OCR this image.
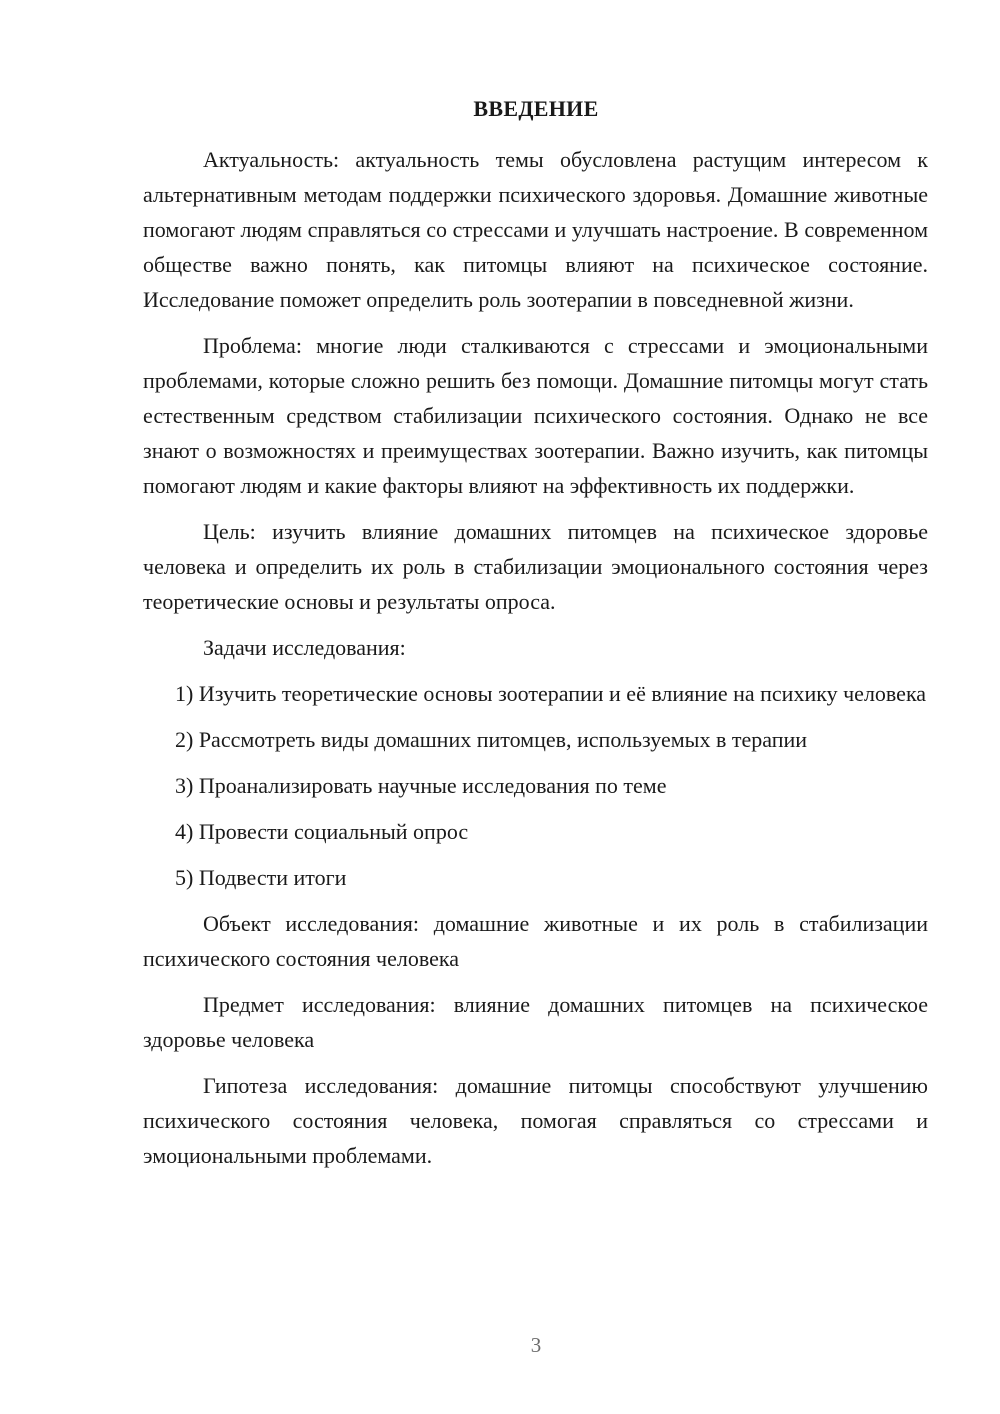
ВВЕДЕНИЕ

Актуальность: актуальность темы обусловлена растущим интересом к альтернативным методам поддержки психического здоровья. Домашние животные помогают людям справляться со стрессами и улучшать настроение. В современном обществе важно понять, как питомцы влияют на психическое состояние. Исследование поможет определить роль зоотерапии в повседневной жизни.

Проблема: многие люди сталкиваются с стрессами и эмоциональными проблемами, которые сложно решить без помощи. Домашние питомцы могут стать естественным средством стабилизации психического состояния. Однако не все знают о возможностях и преимуществах зоотерапии. Важно изучить, как питомцы помогают людям и какие факторы влияют на эффективность их поддержки.

Цель: изучить влияние домашних питомцев на психическое здоровье человека и определить их роль в стабилизации эмоционального состояния через теоретические основы и результаты опроса.

Задачи исследования:

1) Изучить теоретические основы зоотерапии и её влияние на психику человека

2) Рассмотреть виды домашних питомцев, используемых в терапии

3) Проанализировать научные исследования по теме

4) Провести социальный опрос

5) Подвести итоги

Объект исследования: домашние животные и их роль в стабилизации психического состояния человека

Предмет исследования: влияние домашних питомцев на психическое здоровье человека

Гипотеза исследования: домашние питомцы способствуют улучшению психического состояния человека, помогая справляться со стрессами и эмоциональными проблемами.

3
